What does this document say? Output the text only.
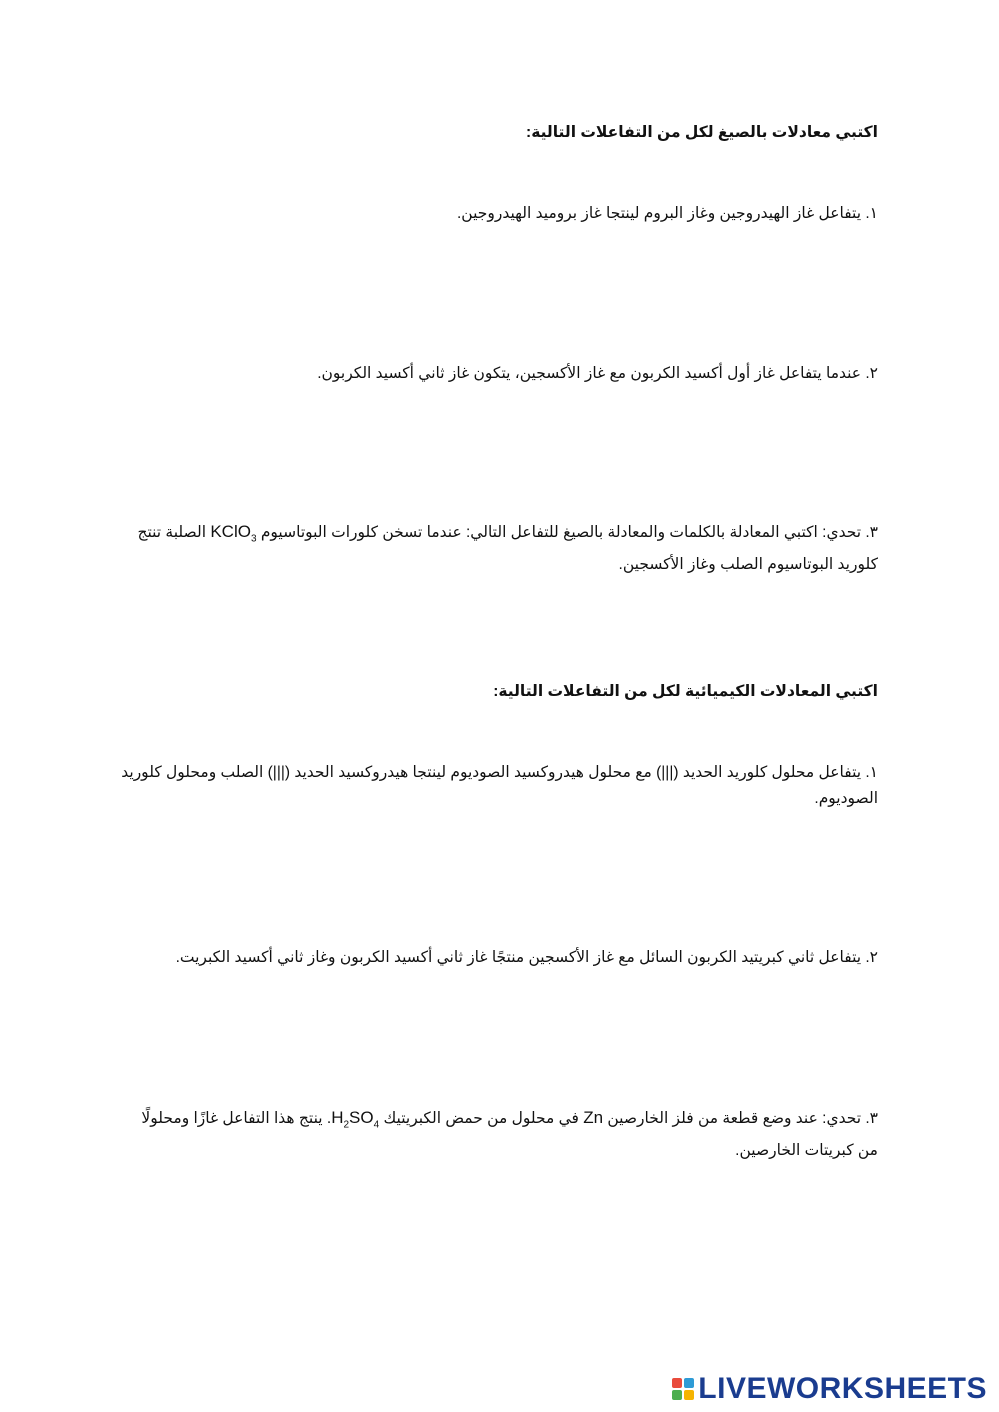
اكتبي معادلات بالصيغ لكل من التفاعلات التالية:
١. يتفاعل غاز الهيدروجين وغاز البروم لينتجا غاز بروميد الهيدروجين.
٢. عندما يتفاعل غاز أول أكسيد الكربون مع غاز الأكسجين، يتكون غاز ثاني أكسيد الكربون.
٣. تحدي: اكتبي المعادلة بالكلمات والمعادلة بالصيغ للتفاعل التالي: عندما تسخن كلورات البوتاسيوم KClO$_3$ الصلبة تنتج كلوريد البوتاسيوم الصلب وغاز الأكسجين.
اكتبي المعادلات الكيميائية لكل من التفاعلات التالية:
١. يتفاعل محلول كلوريد الحديد (|||) مع محلول هيدروكسيد الصوديوم لينتجا هيدروكسيد الحديد (|||) الصلب ومحلول كلوريد الصوديوم.
٢. يتفاعل ثاني كبريتيد الكربون السائل مع غاز الأكسجين منتجًا غاز ثاني أكسيد الكربون وغاز ثاني أكسيد الكبريت.
٣. تحدي: عند وضع قطعة من فلز الخارصين Zn في محلول من حمض الكبريتيك $H_2SO_4$. ينتج هذا التفاعل غازًا ومحلولًا من كبريتات الخارصين.
LIVEWORKSHEETS
